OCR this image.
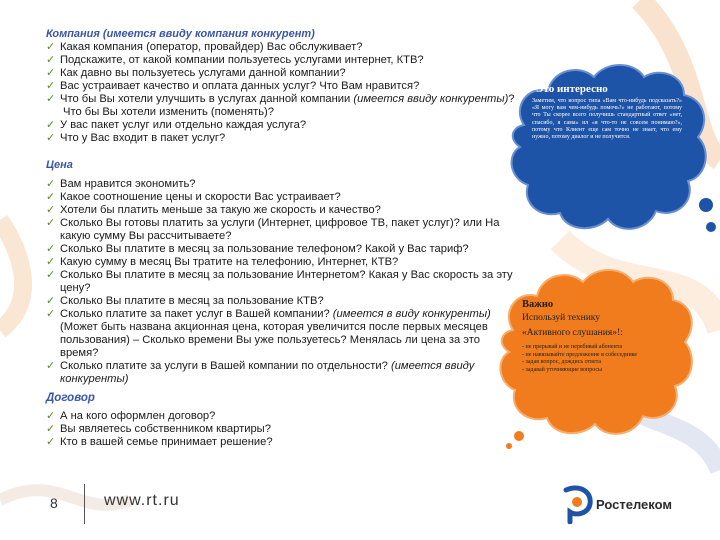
Компания (имеется ввиду компания конкурент)

✓ Какая компания (оператор, провайдер) Вас обслуживает?
✓ Подскажите, от какой компании пользуетесь услугами интернет, КТВ?
✓ Как давно вы пользуетесь услугами данной компании?
✓ Вас устраивает качество и оплата данных услуг? Что Вам нравится?
✓ Что бы Вы хотели улучшить в услугах данной компании (имеется ввиду конкуренты)?
Что бы Вы хотели изменить (поменять)?
✓ У вас пакет услуг или отдельно каждая услуга?
✓ Что у Вас входит в пакет услуг?

Цена

✓ Вам нравится экономить?
✓ Какое соотношение цены и скорости Вас устраивает?
✓ Хотели бы платить меньше за такую же скорость и качество?
✓ Сколько Вы готовы платить за услуги (Интернет, цифровое ТВ, пакет услуг)? или На какую сумму Вы рассчитываете?
✓ Сколько Вы платите в месяц за пользование телефоном? Какой у Вас тариф?
✓ Какую сумму в месяц Вы тратите на телефонию, Интернет, КТВ?
✓ Сколько Вы платите в месяц за пользование Интернетом? Какая у Вас скорость за эту цену?
✓ Сколько Вы платите в месяц за пользование КТВ?
✓ Сколько платите за пакет услуг в Вашей компании? (имеется в виду конкуренты) (Может быть названа акционная цена, которая увеличится после первых месяцев пользования) – Сколько времени Вы уже пользуетесь? Менялась ли цена за это время?
✓ Сколько платите за услуги в Вашей компании по отдельности? (имеется ввиду конкуренты)

Договор

✓ А на кого оформлен договор?
✓ Вы являетесь собственником квартиры?
✓ Кто в вашей семье принимает решение?
Это интересно
Заметим, что вопрос типа «Вам что-нибудь подсказать?» «Я могу вам чем-нибудь помочь?» не работают, потому что Ты скорее всего получишь стандартный ответ «нет, спасибо, я сама» ил «я что-то не совсем понимаю?», потому что Клиент еще сам точно не знает, что ему нужно, потому диалог и не получится.
Важно
Используй технику
«Активного слушания»!:
- не прерывай и не перебивай абонента
- не навязывайте предложение в собеседнике
- задав вопрос, дождись ответа
- задавай уточняющие вопросы
8	www.rt.ru	Ростелеком
